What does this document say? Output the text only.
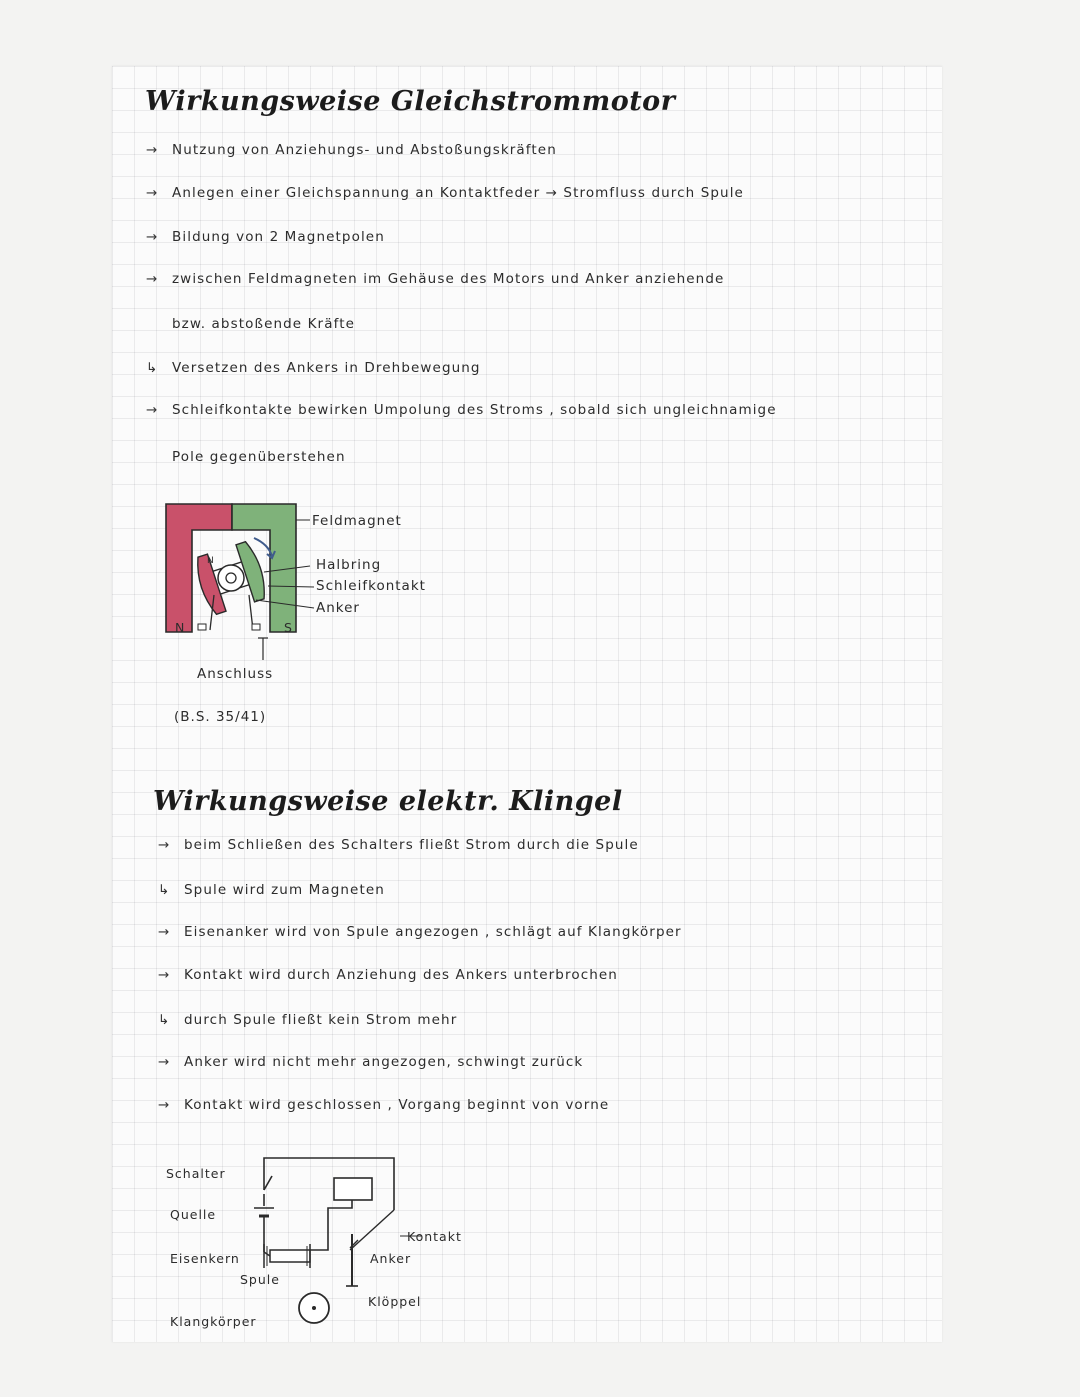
Wirkungsweise Gleichstrommotor
→ Nutzung von Anziehungs- und Abstoßungskräften
→ Anlegen einer Gleichspannung an Kontaktfeder → Stromfluss durch Spule
→ Bildung von 2 Magnetpolen
→ zwischen Feldmagneten im Gehäuse des Motors und Anker anziehende
bzw. abstoßende Kräfte
↳ Versetzen des Ankers in Drehbewegung
→ Schleifkontakte bewirken Umpolung des Stroms , sobald sich ungleichnamige
Pole gegenüberstehen
N	S
N
Feldmagnet
Halbring
Schleifkontakt
Anker
Anschluss
(B.S. 35/41)
Wirkungsweise elektr. Klingel
→ beim Schließen des Schalters fließt Strom durch die Spule
↳ Spule wird zum Magneten
→ Eisenanker wird von Spule angezogen , schlägt auf Klangkörper
→ Kontakt wird durch Anziehung des Ankers unterbrochen
↳ durch Spule fließt kein Strom mehr
→ Anker wird nicht mehr angezogen, schwingt zurück
→ Kontakt wird geschlossen , Vorgang beginnt von vorne
Schalter
Quelle
Eisenkern
Spule
Klangkörper
Kontakt
Anker
Klöppel
